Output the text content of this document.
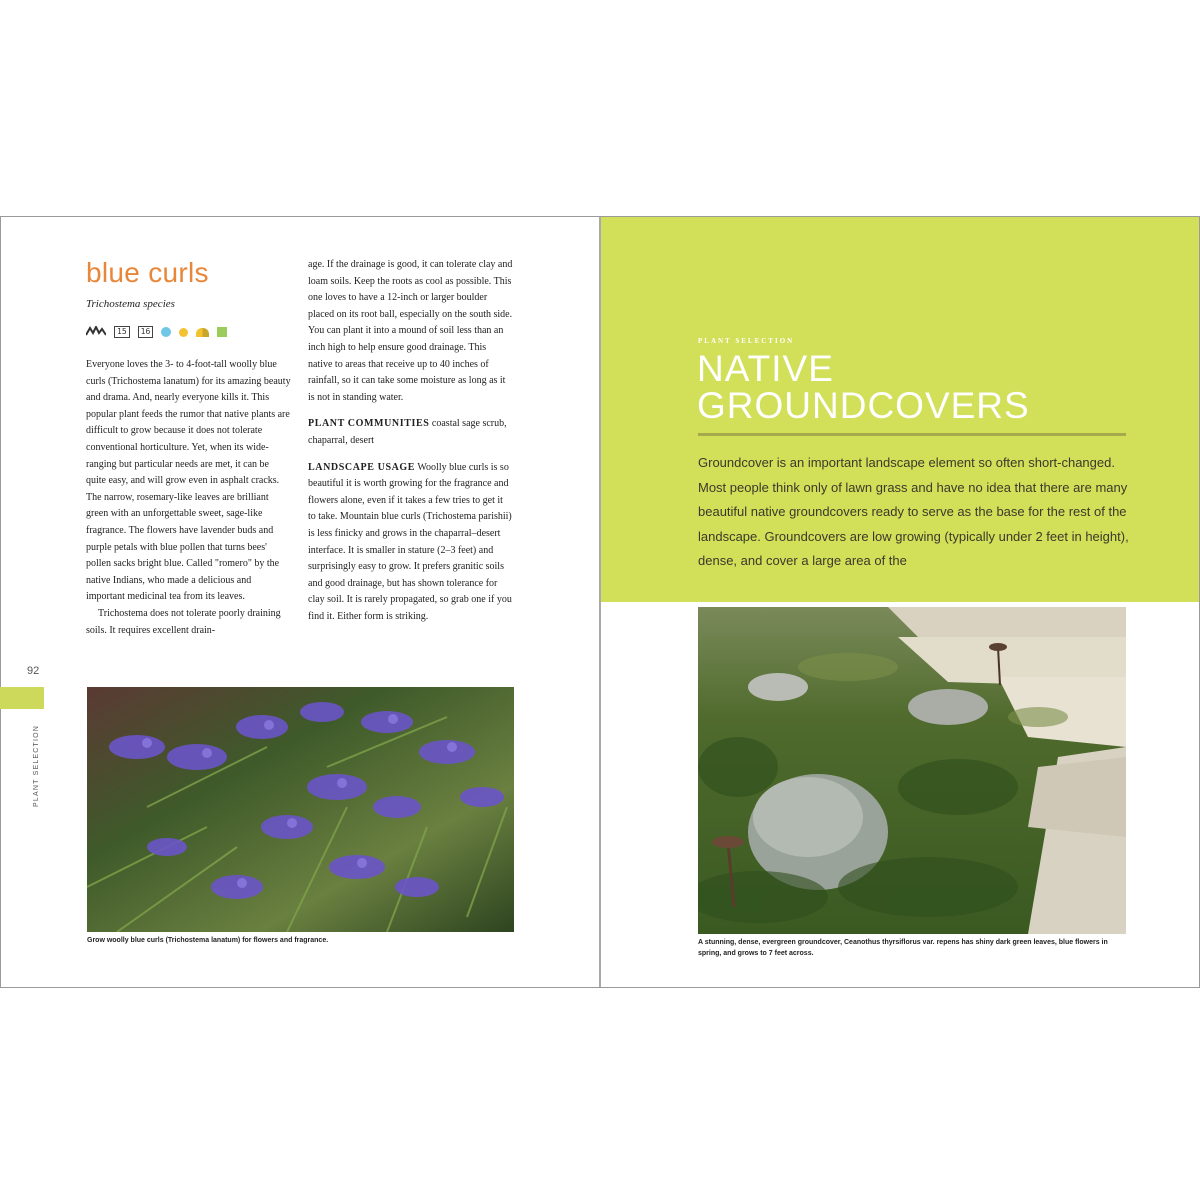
blue curls
Trichostema species
15	16

Everyone loves the 3- to 4-foot-tall woolly blue curls (Trichostema lanatum) for its amazing beauty and drama. And, nearly everyone kills it. This popular plant feeds the rumor that native plants are difficult to grow because it does not tolerate conventional horticulture. Yet, when its wide-ranging but particular needs are met, it can be quite easy, and will grow even in asphalt cracks. The narrow, rosemary-like leaves are brilliant green with an unforgettable sweet, sage-like fragrance. The flowers have lavender buds and purple petals with blue pollen that turns bees' pollen sacks bright blue. Called "romero" by the native Indians, who made a delicious and important medicinal tea from its leaves.

Trichostema does not tolerate poorly draining soils. It requires excellent drain-

age. If the drainage is good, it can tolerate clay and loam soils. Keep the roots as cool as possible. This one loves to have a 12-inch or larger boulder placed on its root ball, especially on the south side. You can plant it into a mound of soil less than an inch high to help ensure good drainage. This native to areas that receive up to 40 inches of rainfall, so it can take some moisture as long as it is not in standing water.

PLANT COMMUNITIES coastal sage scrub, chaparral, desert

LANDSCAPE USAGE Woolly blue curls is so beautiful it is worth growing for the fragrance and flowers alone, even if it takes a few tries to get it to take. Mountain blue curls (Trichostema parishii) is less finicky and grows in the chaparral–desert interface. It is smaller in stature (2–3 feet) and surprisingly easy to grow. It prefers granitic soils and good drainage, but has shown tolerance for clay soil. It is rarely propagated, so grab one if you find it. Either form is striking.

92
PLANT SELECTION
Grow woolly blue curls (Trichostema lanatum) for flowers and fragrance.
PLANT SELECTION
NATIVE
GROUNDCOVERS
Groundcover is an important landscape element so often short-changed. Most people think only of lawn grass and have no idea that there are many beautiful native groundcovers ready to serve as the base for the rest of the landscape. Groundcovers are low growing (typically under 2 feet in height), dense, and cover a large area of the
A stunning, dense, evergreen groundcover, Ceanothus thyrsiflorus var. repens has shiny dark green leaves, blue flowers in spring, and grows to 7 feet across.
